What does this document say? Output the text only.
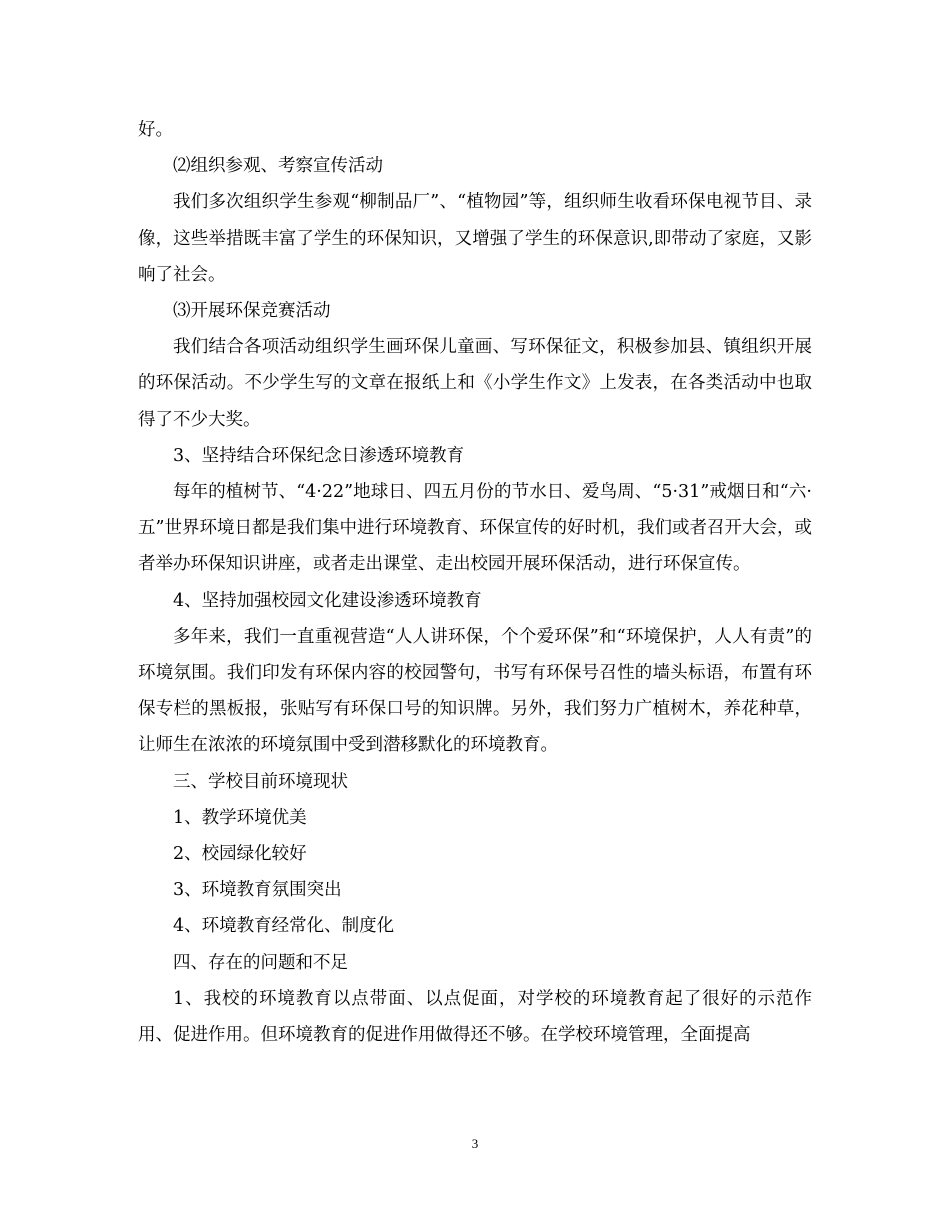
好。

⑵组织参观、考察宣传活动

我们多次组织学生参观“柳制品厂”、“植物园”等，组织师生收看环保电视节目、录像，这些举措既丰富了学生的环保知识，又增强了学生的环保意识,即带动了家庭，又影响了社会。

⑶开展环保竞赛活动

我们结合各项活动组织学生画环保儿童画、写环保征文，积极参加县、镇组织开展的环保活动。不少学生写的文章在报纸上和《小学生作文》上发表，在各类活动中也取得了不少大奖。

3、坚持结合环保纪念日渗透环境教育

每年的植树节、“4·22”地球日、四五月份的节水日、爱鸟周、“5·31”戒烟日和“六·五”世界环境日都是我们集中进行环境教育、环保宣传的好时机，我们或者召开大会，或者举办环保知识讲座，或者走出课堂、走出校园开展环保活动，进行环保宣传。

4、坚持加强校园文化建设渗透环境教育

多年来，我们一直重视营造“人人讲环保，个个爱环保”和“环境保护，人人有责”的环境氛围。我们印发有环保内容的校园警句，书写有环保号召性的墙头标语，布置有环保专栏的黑板报，张贴写有环保口号的知识牌。另外，我们努力广植树木，养花种草，让师生在浓浓的环境氛围中受到潜移默化的环境教育。

三、学校目前环境现状

1、教学环境优美

2、校园绿化较好

3、环境教育氛围突出

4、环境教育经常化、制度化

四、存在的问题和不足

1、我校的环境教育以点带面、以点促面，对学校的环境教育起了很好的示范作用、促进作用。但环境教育的促进作用做得还不够。在学校环境管理，全面提高

3
